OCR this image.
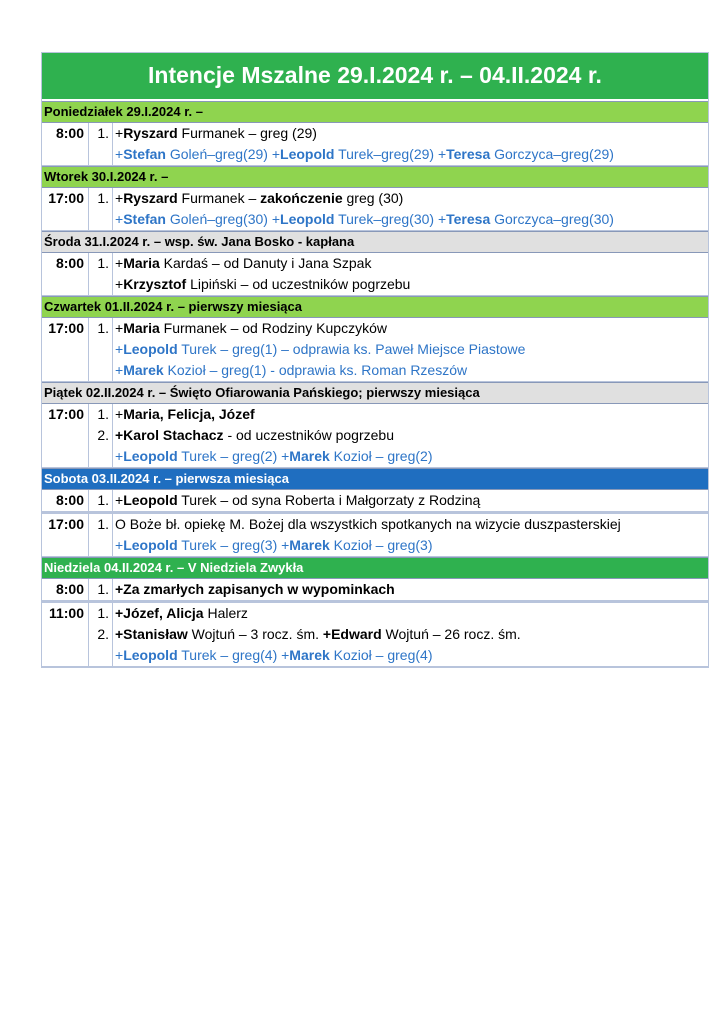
Intencje Mszalne 29.I.2024 r. – 04.II.2024 r.
Poniedziałek 29.I.2024 r. –
8:00 1. +Ryszard Furmanek – greg (29)
+Stefan Goleń–greg(29) +Leopold Turek–greg(29) +Teresa Gorczyca–greg(29)
Wtorek 30.I.2024 r. –
17:00 1. +Ryszard Furmanek – zakończenie greg (30)
+Stefan Goleń–greg(30) +Leopold Turek–greg(30) +Teresa Gorczyca–greg(30)
Środa 31.I.2024 r. – wsp. św. Jana Bosko - kapłana
8:00 1. +Maria Kardaś – od Danuty i Jana Szpak
+Krzysztof Lipiński – od uczestników pogrzebu
Czwartek 01.II.2024 r. – pierwszy miesiąca
17:00 1. +Maria Furmanek – od Rodziny Kupczyków
+Leopold Turek – greg(1) – odprawia ks. Paweł Miejsce Piastowe
+Marek Kozioł – greg(1) - odprawia ks. Roman Rzeszów
Piątek 02.II.2024 r. – Święto Ofiarowania Pańskiego; pierwszy miesiąca
17:00 1. +Maria, Felicja, Józef
2. +Karol Stachacz - od uczestników pogrzebu
+Leopold Turek – greg(2) +Marek Kozioł – greg(2)
Sobota 03.II.2024 r. – pierwsza miesiąca
8:00 1. +Leopold Turek – od syna Roberta i Małgorzaty z Rodziną
17:00 1. O Boże bł. opiekę M. Bożej dla wszystkich spotkanych na wizycie duszpasterskiej
+Leopold Turek – greg(3) +Marek Kozioł – greg(3)
Niedziela 04.II.2024 r. – V Niedziela Zwykła
8:00 1. +Za zmarłych zapisanych w wypominkach
11:00 1. +Józef, Alicja Halerz
2. +Stanisław Wojtuń – 3 rocz. śm. +Edward Wojtuń – 26 rocz. śm.
+Leopold Turek – greg(4) +Marek Kozioł – greg(4)
